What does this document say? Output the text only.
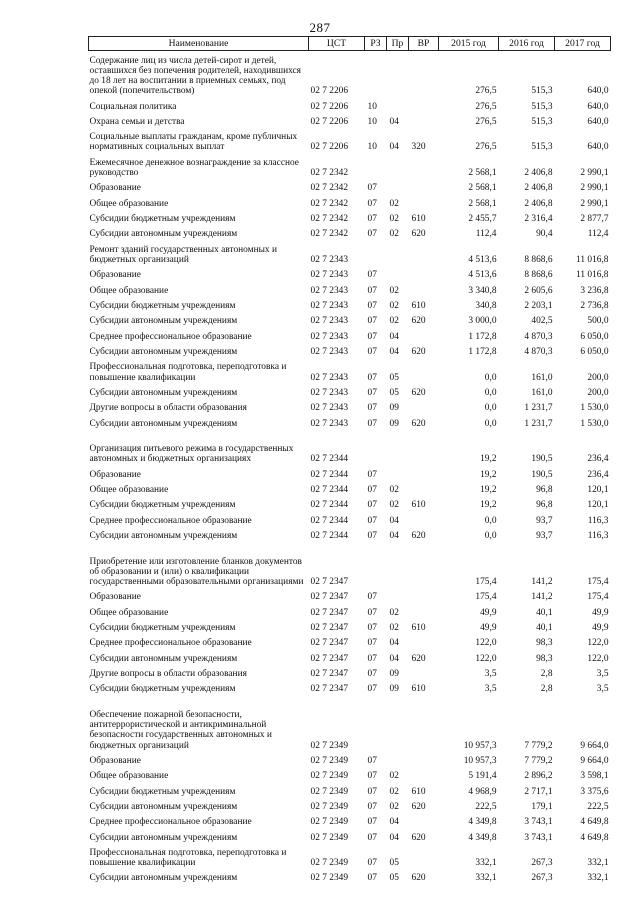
287
Наименование	ЦСТ	РЗ	Пр	ВР	2015 год	2016 год	2017 год
Содержание лиц из числа детей-сирот и детей, оставшихся без попечения родителей, находившихся до 18 лет на воспитании в приемных семьях, под опекой (попечительством)	02 7 2206				276,5	515,3	640,0
Социальная политика	02 7 2206	10			276,5	515,3	640,0
Охрана семьи и детства	02 7 2206	10	04		276,5	515,3	640,0
Социальные выплаты гражданам, кроме публичных нормативных социальных выплат	02 7 2206	10	04	320	276,5	515,3	640,0
Ежемесячное денежное вознаграждение за классное руководство	02 7 2342				2 568,1	2 406,8	2 990,1
Образование	02 7 2342	07			2 568,1	2 406,8	2 990,1
Общее образование	02 7 2342	07	02		2 568,1	2 406,8	2 990,1
Субсидии бюджетным учреждениям	02 7 2342	07	02	610	2 455,7	2 316,4	2 877,7
Субсидии автономным учреждениям	02 7 2342	07	02	620	112,4	90,4	112,4
Ремонт зданий государственных автономных и бюджетных организаций	02 7 2343				4 513,6	8 868,6	11 016,8
Образование	02 7 2343	07			4 513,6	8 868,6	11 016,8
Общее образование	02 7 2343	07	02		3 340,8	2 605,6	3 236,8
Субсидии бюджетным учреждениям	02 7 2343	07	02	610	340,8	2 203,1	2 736,8
Субсидии автономным учреждениям	02 7 2343	07	02	620	3 000,0	402,5	500,0
Среднее профессиональное образование	02 7 2343	07	04		1 172,8	4 870,3	6 050,0
Субсидии автономным учреждениям	02 7 2343	07	04	620	1 172,8	4 870,3	6 050,0
Профессиональная подготовка, переподготовка и повышение квалификации	02 7 2343	07	05		0,0	161,0	200,0
Субсидии автономным учреждениям	02 7 2343	07	05	620	0,0	161,0	200,0
Другие вопросы в области образования	02 7 2343	07	09		0,0	1 231,7	1 530,0
Субсидии автономным учреждениям	02 7 2343	07	09	620	0,0	1 231,7	1 530,0
Организация питьевого режима в государственных автономных и бюджетных организациях	02 7 2344				19,2	190,5	236,4
Образование	02 7 2344	07			19,2	190,5	236,4
Общее образование	02 7 2344	07	02		19,2	96,8	120,1
Субсидии бюджетным учреждениям	02 7 2344	07	02	610	19,2	96,8	120,1
Среднее профессиональное образование	02 7 2344	07	04		0,0	93,7	116,3
Субсидии автономным учреждениям	02 7 2344	07	04	620	0,0	93,7	116,3
Приобретение или изготовление бланков документов об образовании и (или) о квалификации государственными образовательными организациями	02 7 2347				175,4	141,2	175,4
Образование	02 7 2347	07			175,4	141,2	175,4
Общее образование	02 7 2347	07	02		49,9	40,1	49,9
Субсидии бюджетным учреждениям	02 7 2347	07	02	610	49,9	40,1	49,9
Среднее профессиональное образование	02 7 2347	07	04		122,0	98,3	122,0
Субсидии автономным учреждениям	02 7 2347	07	04	620	122,0	98,3	122,0
Другие вопросы в области образования	02 7 2347	07	09		3,5	2,8	3,5
Субсидии бюджетным учреждениям	02 7 2347	07	09	610	3,5	2,8	3,5
Обеспечение пожарной безопасности, антитеррористической и антикриминальной безопасности государственных автономных и бюджетных организаций	02 7 2349				10 957,3	7 779,2	9 664,0
Образование	02 7 2349	07			10 957,3	7 779,2	9 664,0
Общее образование	02 7 2349	07	02		5 191,4	2 896,2	3 598,1
Субсидии бюджетным учреждениям	02 7 2349	07	02	610	4 968,9	2 717,1	3 375,6
Субсидии автономным учреждениям	02 7 2349	07	02	620	222,5	179,1	222,5
Среднее профессиональное образование	02 7 2349	07	04		4 349,8	3 743,1	4 649,8
Субсидии автономным учреждениям	02 7 2349	07	04	620	4 349,8	3 743,1	4 649,8
Профессиональная подготовка, переподготовка и повышение квалификации	02 7 2349	07	05		332,1	267,3	332,1
Субсидии автономным учреждениям	02 7 2349	07	05	620	332,1	267,3	332,1
